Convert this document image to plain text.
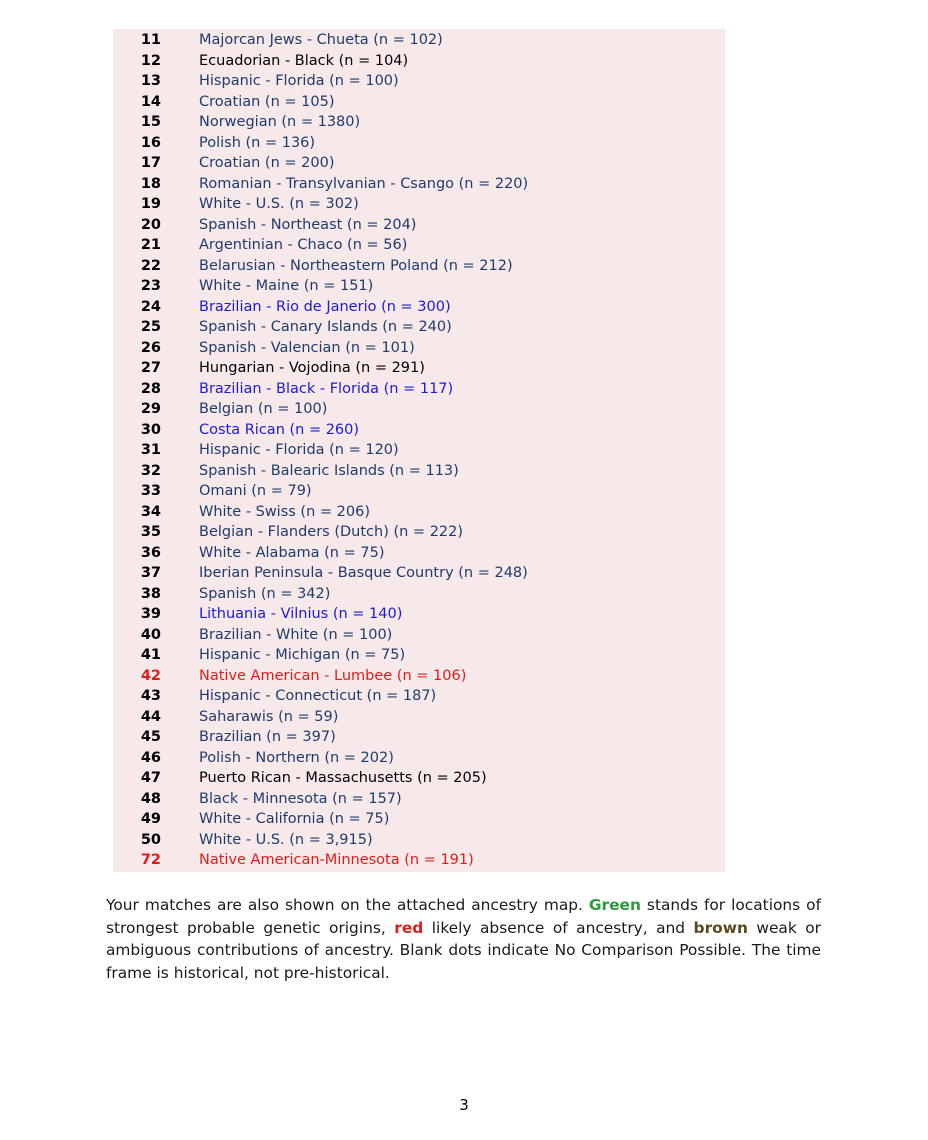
11	Majorcan Jews - Chueta (n = 102)
12	Ecuadorian - Black (n = 104)
13	Hispanic - Florida (n = 100)
14	Croatian (n = 105)
15	Norwegian (n = 1380)
16	Polish (n = 136)
17	Croatian (n = 200)
18	Romanian - Transylvanian - Csango (n = 220)
19	White - U.S. (n = 302)
20	Spanish - Northeast (n = 204)
21	Argentinian - Chaco (n = 56)
22	Belarusian - Northeastern Poland (n = 212)
23	White - Maine (n = 151)
24	Brazilian - Rio de Janerio (n = 300)
25	Spanish - Canary Islands (n = 240)
26	Spanish - Valencian (n = 101)
27	Hungarian - Vojodina (n = 291)
28	Brazilian - Black - Florida (n = 117)
29	Belgian (n = 100)
30	Costa Rican (n = 260)
31	Hispanic - Florida (n = 120)
32	Spanish - Balearic Islands (n = 113)
33	Omani (n = 79)
34	White - Swiss (n = 206)
35	Belgian - Flanders (Dutch) (n = 222)
36	White - Alabama (n = 75)
37	Iberian Peninsula - Basque Country (n = 248)
38	Spanish (n = 342)
39	Lithuania - Vilnius (n = 140)
40	Brazilian - White (n = 100)
41	Hispanic - Michigan (n = 75)
42	Native American - Lumbee (n = 106)
43	Hispanic - Connecticut (n = 187)
44	Saharawis (n = 59)
45	Brazilian (n = 397)
46	Polish - Northern (n = 202)
47	Puerto Rican - Massachusetts (n = 205)
48	Black - Minnesota (n = 157)
49	White - California (n = 75)
50	White - U.S. (n = 3,915)
72	Native American-Minnesota (n = 191)
Your matches are also shown on the attached ancestry map. Green stands for locations of strongest probable genetic origins, red likely absence of ancestry, and brown weak or ambiguous contributions of ancestry. Blank dots indicate No Comparison Possible. The time frame is historical, not pre-historical.
3
